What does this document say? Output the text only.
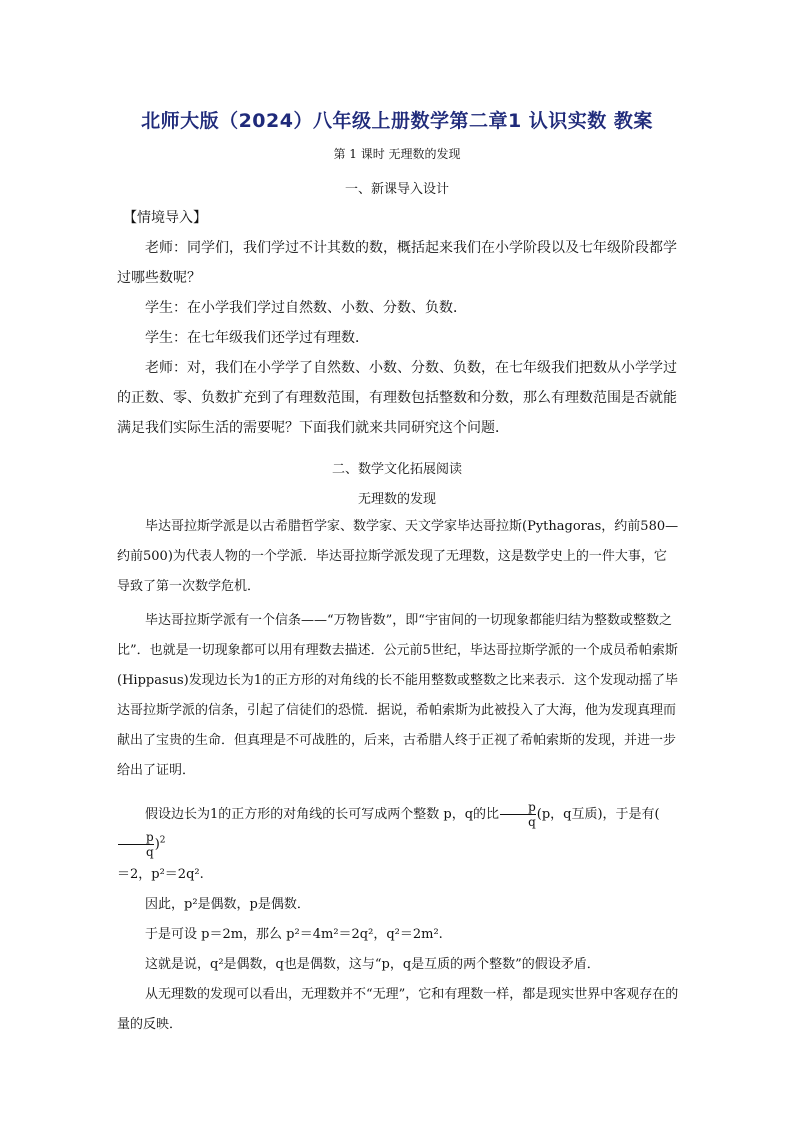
北师大版（2024）八年级上册数学第二章1 认识实数 教案
第 1 课时 无理数的发现
一、新课导入设计

【情境导入】

老师：同学们，我们学过不计其数的数，概括起来我们在小学阶段以及七年级阶段都学过哪些数呢？

学生：在小学我们学过自然数、小数、分数、负数．

学生：在七年级我们还学过有理数．

老师：对，我们在小学学了自然数、小数、分数、负数，在七年级我们把数从小学学过的正数、零、负数扩充到了有理数范围，有理数包括整数和分数，那么有理数范围是否就能满足我们实际生活的需要呢？下面我们就来共同研究这个问题．

二、数学文化拓展阅读
无理数的发现

毕达哥拉斯学派是以古希腊哲学家、数学家、天文学家毕达哥拉斯(Pythagoras，约前580—约前500)为代表人物的一个学派．毕达哥拉斯学派发现了无理数，这是数学史上的一件大事，它导致了第一次数学危机．

毕达哥拉斯学派有一个信条——“万物皆数”，即“宇宙间的一切现象都能归结为整数或整数之比”．也就是一切现象都可以用有理数去描述．公元前5世纪，毕达哥拉斯学派的一个成员希帕索斯(Hippasus)发现边长为1的正方形的对角线的长不能用整数或整数之比来表示．这个发现动摇了毕达哥拉斯学派的信条，引起了信徒们的恐慌．据说，希帕索斯为此被投入了大海，他为发现真理而献出了宝贵的生命．但真理是不可战胜的，后来，古希腊人终于正视了希帕索斯的发现，并进一步给出了证明．

假设边长为1的正方形的对角线的长可写成两个整数 p，q的比 $\frac{p}{q} (p$，q互质)，于是有(
$\frac{p}{q} )^2$

＝2，p²＝2q².

因此，p²是偶数，p是偶数．

于是可设 p＝2m，那么 p²＝4m²＝2q²，q²＝2m².

这就是说，q²是偶数，q也是偶数，这与“p，q是互质的两个整数”的假设矛盾．

从无理数的发现可以看出，无理数并不“无理”，它和有理数一样，都是现实世界中客观存在的量的反映．
